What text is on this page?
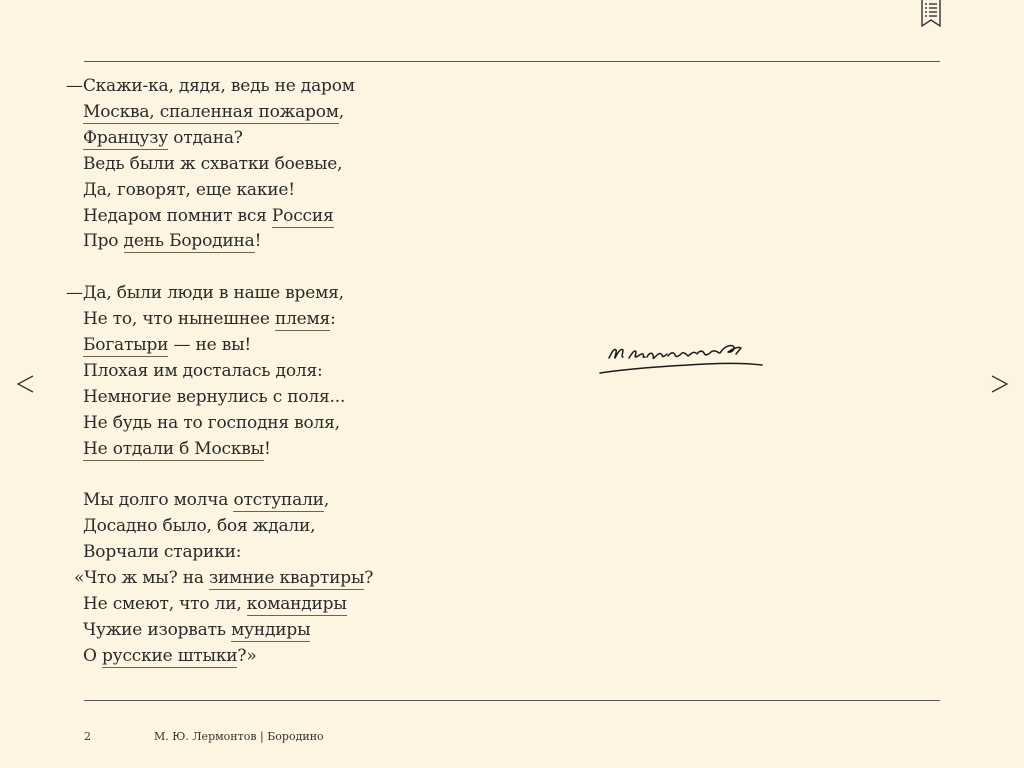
—Скажи-ка, дядя, ведь не даром
Москва, спаленная пожаром,
Французу отдана?
Ведь были ж схватки боевые,
Да, говорят, еще какие!
Недаром помнит вся Россия
Про день Бородина!
—Да, были люди в наше время,
Не то, что нынешнее племя:
Богатыри — не вы!
Плохая им досталась доля:
Немногие вернулись с поля...
Не будь на то господня воля,
Не отдали б Москвы!
Мы долго молча отступали,
Досадно было, боя ждали,
Ворчали старики:
«Что ж мы? на зимние квартиры?
Не смеют, что ли, командиры
Чужие изорвать мундиры
О русские штыки?»
2	М. Ю. Лермонтов | Бородино
